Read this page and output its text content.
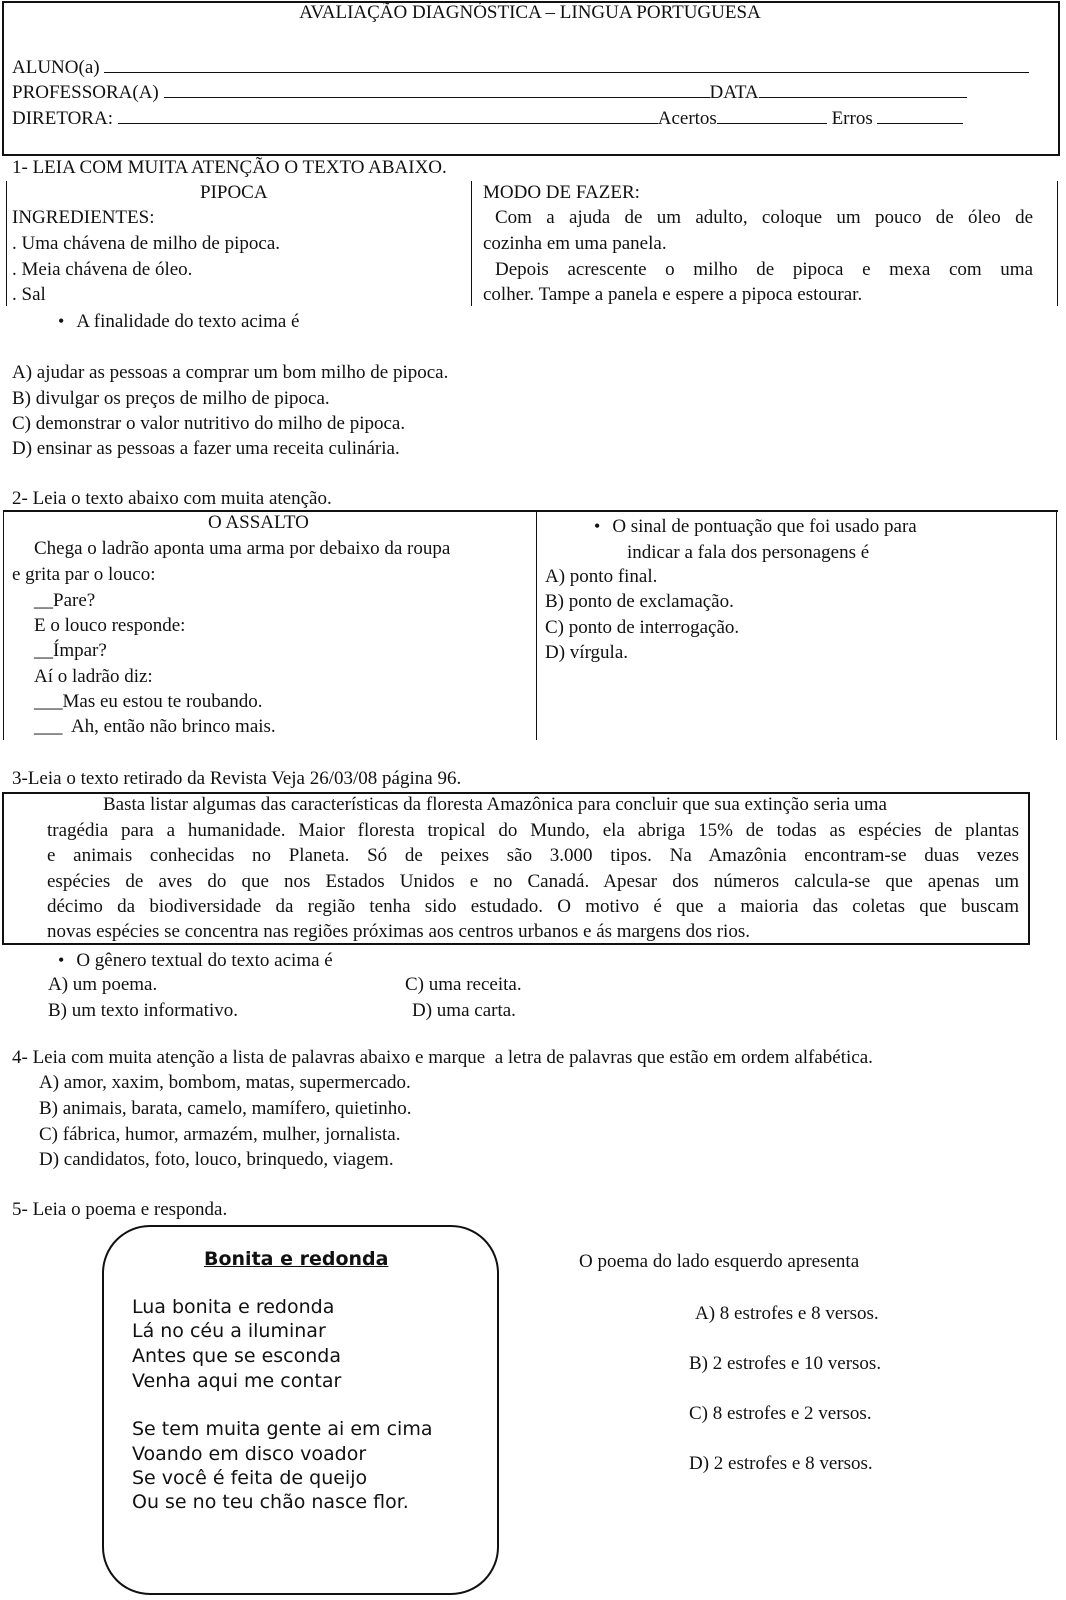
AVALIAÇÃO DIAGNÓSTICA – LINGUA PORTUGUESA
ALUNO(a)
PROFESSORA(A)	DATA
DIRETORA:	Acertos	Erros
1- LEIA COM MUITA ATENÇÃO O TEXTO ABAIXO.
PIPOCA
INGREDIENTES:
. Uma chávena de milho de pipoca.
. Meia chávena de óleo.
. Sal
MODO DE FAZER:
Com a ajuda de um adulto, coloque um pouco de óleo de
cozinha em uma panela.
Depois acrescente o milho de pipoca e mexa com uma
colher. Tampe a panela e espere a pipoca estourar.
• A finalidade do texto acima é
A) ajudar as pessoas a comprar um bom milho de pipoca.
B) divulgar os preços de milho de pipoca.
C) demonstrar o valor nutritivo do milho de pipoca.
D) ensinar as pessoas a fazer uma receita culinária.
2- Leia o texto abaixo com muita atenção.
O ASSALTO
Chega o ladrão aponta uma arma por debaixo da roupa
e grita par o louco:
__Pare?
E o louco responde:
__Ímpar?
Aí o ladrão diz:
___Mas eu estou te roubando.
___  Ah, então não brinco mais.
• O sinal de pontuação que foi usado para
indicar a fala dos personagens é
A) ponto final.
B) ponto de exclamação.
C) ponto de interrogação.
D) vírgula.
3-Leia o texto retirado da Revista Veja 26/03/08 página 96.
Basta listar algumas das características da floresta Amazônica para concluir que sua extinção seria uma
tragédia para a humanidade. Maior floresta tropical do Mundo, ela abriga 15% de todas as espécies de plantas
e animais conhecidas no Planeta. Só de peixes são 3.000 tipos. Na Amazônia encontram-se duas vezes
espécies de aves do que nos Estados Unidos e no Canadá. Apesar dos números calcula-se que apenas um
décimo da biodiversidade da região tenha sido estudado. O motivo é que a maioria das coletas que buscam
novas espécies se concentra nas regiões próximas aos centros urbanos e ás margens dos rios.
• O gênero textual do texto acima é
A) um poema.	C) uma receita.
B) um texto informativo.	D) uma carta.
4- Leia com muita atenção a lista de palavras abaixo e marque  a letra de palavras que estão em ordem alfabética.
A) amor, xaxim, bombom, matas, supermercado.
B) animais, barata, camelo, mamífero, quietinho.
C) fábrica, humor, armazém, mulher, jornalista.
D) candidatos, foto, louco, brinquedo, viagem.
5- Leia o poema e responda.
Bonita e redonda
Lua bonita e redonda
Lá no céu a iluminar
Antes que se esconda
Venha aqui me contar
Se tem muita gente ai em cima
Voando em disco voador
Se você é feita de queijo
Ou se no teu chão nasce flor.
O poema do lado esquerdo apresenta
A) 8 estrofes e 8 versos.
B) 2 estrofes e 10 versos.
C) 8 estrofes e 2 versos.
D) 2 estrofes e 8 versos.
